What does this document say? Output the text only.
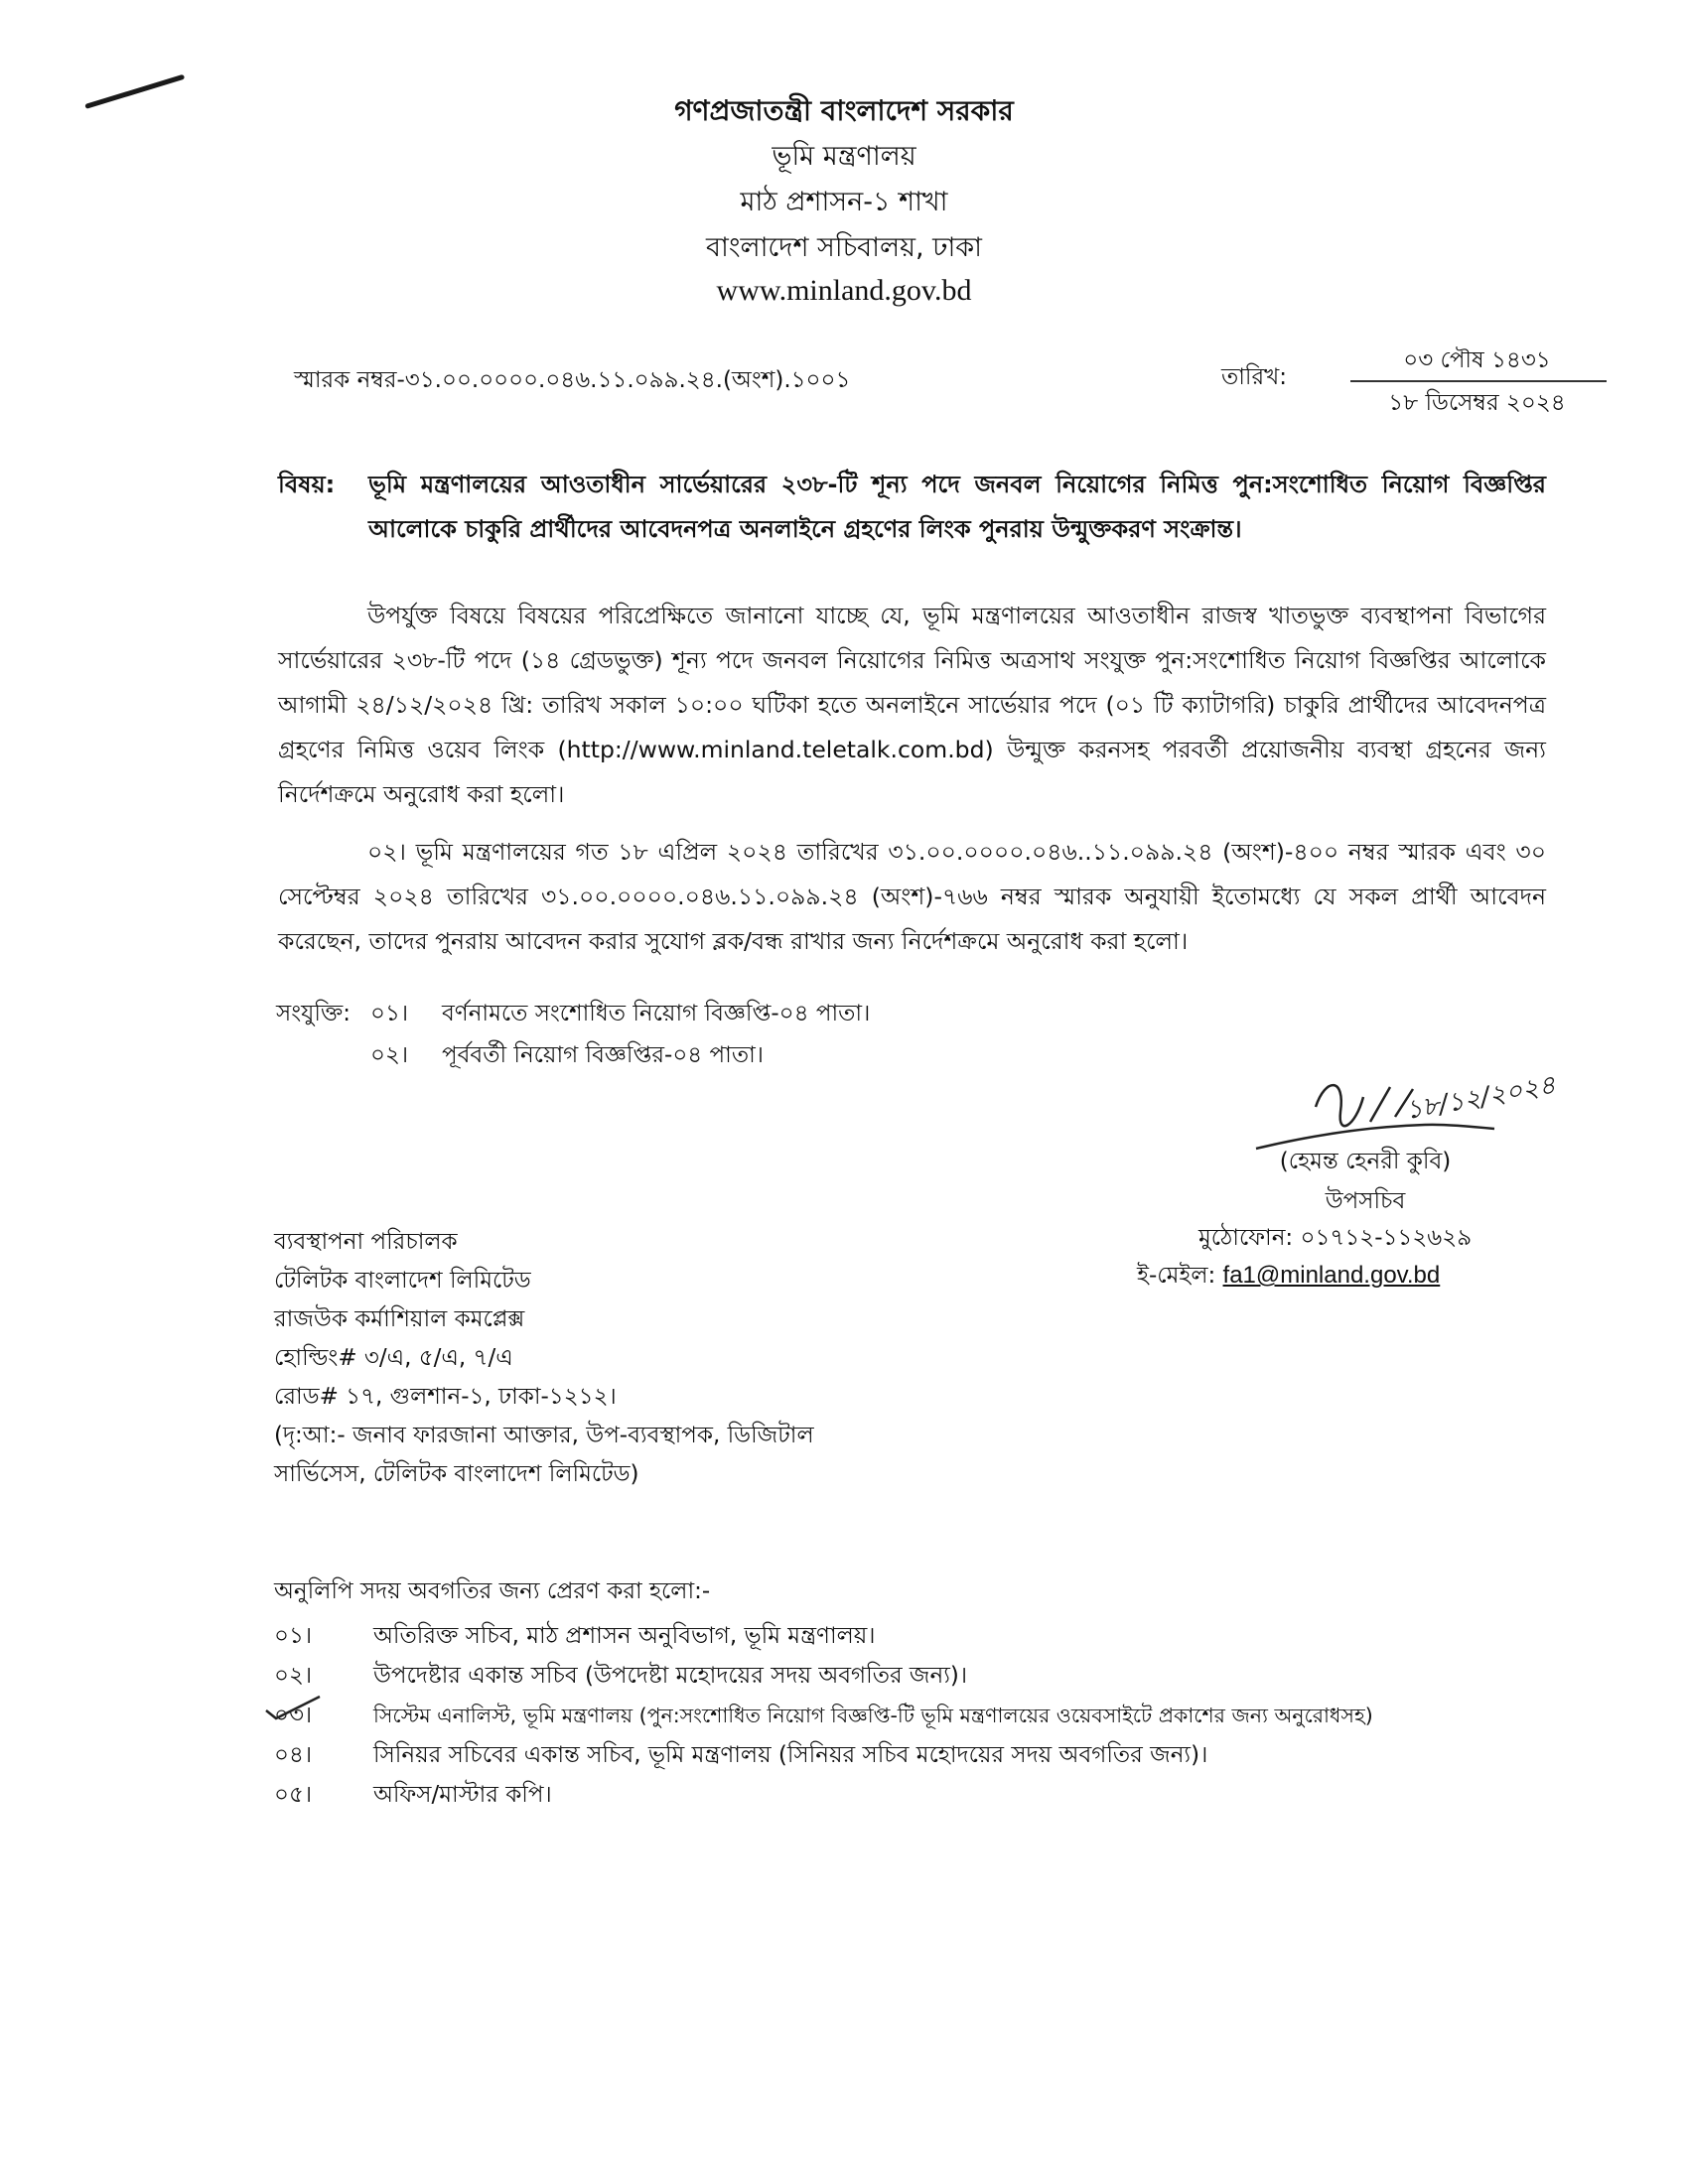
গণপ্রজাতন্ত্রী বাংলাদেশ সরকার
ভূমি মন্ত্রণালয়
মাঠ প্রশাসন-১ শাখা
বাংলাদেশ সচিবালয়, ঢাকা
www.minland.gov.bd
স্মারক নম্বর-৩১.০০.০০০০.০৪৬.১১.০৯৯.২৪.(অংশ).১০০১	তারিখ:
০৩ পৌষ ১৪৩১
১৮ ডিসেম্বর ২০২৪
বিষয়: ভূমি মন্ত্রণালয়ের আওতাধীন সার্ভেয়ারের ২৩৮-টি শূন্য পদে জনবল নিয়োগের নিমিত্ত পুন:সংশোধিত নিয়োগ বিজ্ঞপ্তির আলোকে চাকুরি প্রার্থীদের আবেদনপত্র অনলাইনে গ্রহণের লিংক পুনরায় উন্মুক্তকরণ সংক্রান্ত।
উপর্যুক্ত বিষয়ে বিষয়ের পরিপ্রেক্ষিতে জানানো যাচ্ছে যে, ভূমি মন্ত্রণালয়ের আওতাধীন রাজস্ব খাতভুক্ত ব্যবস্থাপনা বিভাগের সার্ভেয়ারের ২৩৮-টি পদে (১৪ গ্রেডভুক্ত) শূন্য পদে জনবল নিয়োগের নিমিত্ত অত্রসাথ সংযুক্ত পুন:সংশোধিত নিয়োগ বিজ্ঞপ্তির আলোকে আগামী ২৪/১২/২০২৪ খ্রি: তারিখ সকাল ১০:০০ ঘটিকা হতে অনলাইনে সার্ভেয়ার পদে (০১ টি ক্যাটাগরি) চাকুরি প্রার্থীদের আবেদনপত্র গ্রহণের নিমিত্ত ওয়েব লিংক (http://www.minland.teletalk.com.bd) উন্মুক্ত করনসহ পরবর্তী প্রয়োজনীয় ব্যবস্থা গ্রহনের জন্য নির্দেশক্রমে অনুরোধ করা হলো।
০২। ভূমি মন্ত্রণালয়ের গত ১৮ এপ্রিল ২০২৪ তারিখের ৩১.০০.০০০০.০৪৬..১১.০৯৯.২৪ (অংশ)-৪০০ নম্বর স্মারক এবং ৩০ সেপ্টেম্বর ২০২৪ তারিখের ৩১.০০.০০০০.০৪৬.১১.০৯৯.২৪ (অংশ)-৭৬৬ নম্বর স্মারক অনুযায়ী ইতোমধ্যে যে সকল প্রার্থী আবেদন করেছেন, তাদের পুনরায় আবেদন করার সুযোগ ব্লক/বন্ধ রাখার জন্য নির্দেশক্রমে অনুরোধ করা হলো।
সংযুক্তি: ০১।	বর্ণনামতে সংশোধিত নিয়োগ বিজ্ঞপ্তি-০৪ পাতা।
০২।	পূর্ববর্তী নিয়োগ বিজ্ঞপ্তির-০৪ পাতা।
১৮/১২/২০২৪
(হেমন্ত হেনরী কুবি)
উপসচিব
মুঠোফোন: ০১৭১২-১১২৬২৯
ই-মেইল: fa1@minland.gov.bd
ব্যবস্থাপনা পরিচালক
টেলিটক বাংলাদেশ লিমিটেড
রাজউক কর্মাশিয়াল কমপ্লেক্স
হোল্ডিং# ৩/এ, ৫/এ, ৭/এ
রোড# ১৭, গুলশান-১, ঢাকা-১২১২।
(দৃ:আ:- জনাব ফারজানা আক্তার, উপ-ব্যবস্থাপক, ডিজিটাল
সার্ভিসেস, টেলিটক বাংলাদেশ লিমিটেড)
অনুলিপি সদয় অবগতির জন্য প্রেরণ করা হলো:-
০১।	অতিরিক্ত সচিব, মাঠ প্রশাসন অনুবিভাগ, ভূমি মন্ত্রণালয়।
০২।	উপদেষ্টার একান্ত সচিব (উপদেষ্টা মহোদয়ের সদয় অবগতির জন্য)।
০৩।	সিস্টেম এনালিস্ট, ভূমি মন্ত্রণালয় (পুন:সংশোধিত নিয়োগ বিজ্ঞপ্তি-টি ভূমি মন্ত্রণালয়ের ওয়েবসাইটে প্রকাশের জন্য অনুরোধসহ)
০৪।	সিনিয়র সচিবের একান্ত সচিব, ভূমি মন্ত্রণালয় (সিনিয়র সচিব মহোদয়ের সদয় অবগতির জন্য)।
০৫।	অফিস/মাস্টার কপি।
